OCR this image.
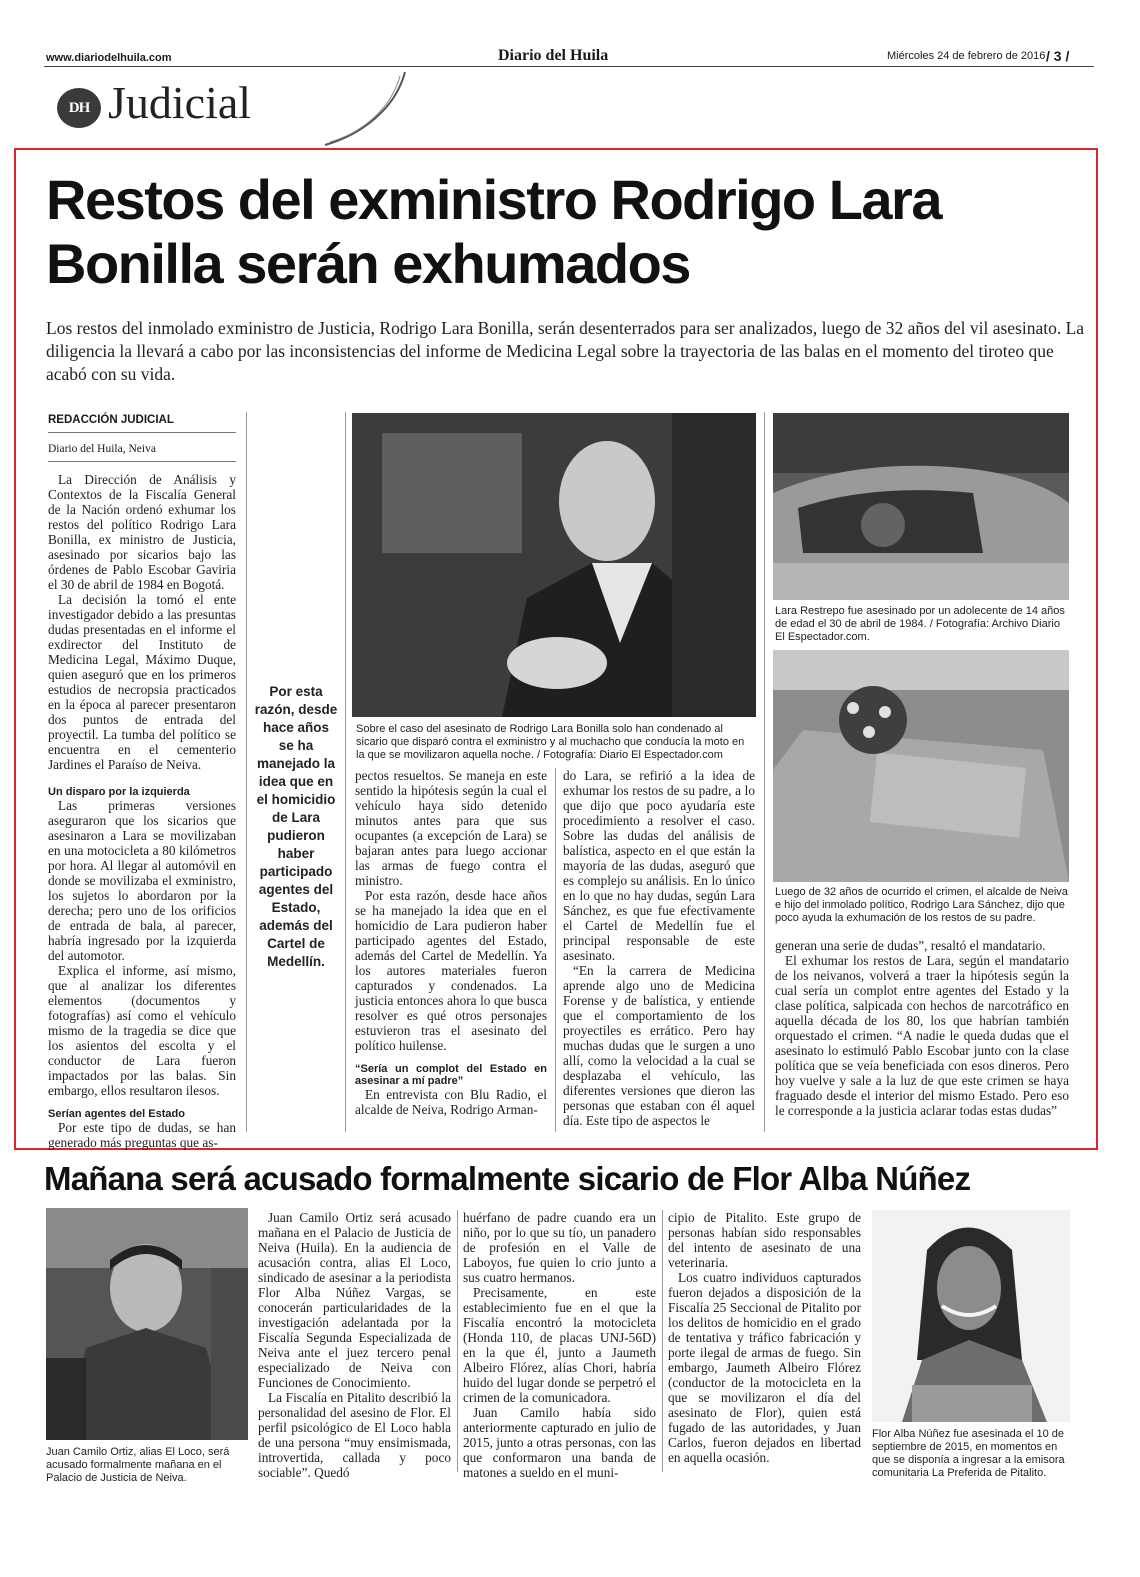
www.diariodelhuila.com	Diario del Huila	Miércoles 24 de febrero de 2016 / 3 /
DH Judicial
Restos del exministro Rodrigo Lara Bonilla serán exhumados
Los restos del inmolado exministro de Justicia, Rodrigo Lara Bonilla, serán desenterrados para ser analizados, luego de 32 años del vil asesinato. La diligencia la llevará a cabo por las inconsistencias del informe de Medicina Legal sobre la trayectoria de las balas en el momento del tiroteo que acabó con su vida.
REDACCIÓN JUDICIAL
Diario del Huila, Neiva

La Dirección de Análisis y Contextos de la Fiscalía General de la Nación ordenó exhumar los restos del político Rodrigo Lara Bonilla, ex ministro de Justicia, asesinado por sicarios bajo las órdenes de Pablo Escobar Gaviria el 30 de abril de 1984 en Bogotá.

La decisión la tomó el ente investigador debido a las presuntas dudas presentadas en el informe el exdirector del Instituto de Medicina Legal, Máximo Duque, quien aseguró que en los primeros estudios de necropsia practicados en la época al parecer presentaron dos puntos de entrada del proyectil. La tumba del político se encuentra en el cementerio Jardines el Paraíso de Neiva.

Un disparo por la izquierda

Las primeras versiones aseguraron que los sicarios que asesinaron a Lara se movilizaban en una motocicleta a 80 kilómetros por hora. Al llegar al automóvil en donde se movilizaba el exministro, los sujetos lo abordaron por la derecha; pero uno de los orificios de entrada de bala, al parecer, habría ingresado por la izquierda del automotor.

Explica el informe, así mismo, que al analizar los diferentes elementos (documentos y fotografías) así como el vehículo mismo de la tragedia se dice que los asientos del escolta y el conductor de Lara fueron impactados por las balas. Sin embargo, ellos resultaron ilesos.

Serían agentes del Estado

Por este tipo de dudas, se han generado más preguntas que as-

Por esta razón, desde hace años se ha manejado la idea que en el homicidio de Lara pudieron haber participado agentes del Estado, además del Cartel de Medellín.
Sobre el caso del asesinato de Rodrigo Lara Bonilla solo han condenado al sicario que disparó contra el exministro y al muchacho que conducía la moto en la que se movilizaron aquella noche. / Fotografía: Diario El Espectador.com

pectos resueltos. Se maneja en este sentido la hipótesis según la cual el vehículo haya sido detenido minutos antes para que sus ocupantes (a excepción de Lara) se bajaran antes para luego accionar las armas de fuego contra el ministro.

Por esta razón, desde hace años se ha manejado la idea que en el homicidio de Lara pudieron haber participado agentes del Estado, además del Cartel de Medellín. Ya los autores materiales fueron capturados y condenados. La justicia entonces ahora lo que busca resolver es qué otros personajes estuvieron tras el asesinato del político huilense.

“Sería un complot del Estado en asesinar a mí padre”

En entrevista con Blu Radio, el alcalde de Neiva, Rodrigo Arman-

do Lara, se refirió a la idea de exhumar los restos de su padre, a lo que dijo que poco ayudaría este procedimiento a resolver el caso. Sobre las dudas del análisis de balística, aspecto en el que están la mayoría de las dudas, aseguró que es complejo su análisis. En lo único en lo que no hay dudas, según Lara Sánchez, es que fue efectivamente el Cartel de Medellín fue el principal responsable de este asesinato.

“En la carrera de Medicina aprende algo uno de Medicina Forense y de balística, y entiende que el comportamiento de los proyectiles es errático. Pero hay muchas dudas que le surgen a uno allí, como la velocidad a la cual se desplazaba el vehículo, las diferentes versiones que dieron las personas que estaban con él aquel día. Este tipo de aspectos le

Lara Restrepo fue asesinado por un adolecente de 14 años de edad el 30 de abril de 1984. / Fotografía: Archivo Diario El Espectador.com.
Luego de 32 años de ocurrido el crimen, el alcalde de Neiva e hijo del inmolado político, Rodrigo Lara Sánchez, dijo que poco ayuda la exhumación de los restos de su padre.

generan una serie de dudas”, resaltó el mandatario.

El exhumar los restos de Lara, según el mandatario de los neivanos, volverá a traer la hipótesis según la cual sería un complot entre agentes del Estado y la clase política, salpicada con hechos de narcotráfico en aquella década de los 80, los que habrían también orquestado el crimen. “A nadie le queda dudas que el asesinato lo estimuló Pablo Escobar junto con la clase política que se veía beneficiada con esos dineros. Pero hoy vuelve y sale a la luz de que este crimen se haya fraguado desde el interior del mismo Estado. Pero eso le corresponde a la justicia aclarar todas estas dudas”

Mañana será acusado formalmente sicario de Flor Alba Núñez
Juan Camilo Ortiz, alias El Loco, será acusado formalmente mañana en el Palacio de Justicia de Neiva.

Juan Camilo Ortiz será acusado mañana en el Palacio de Justicia de Neiva (Huila). En la audiencia de acusación contra, alias El Loco, sindicado de asesinar a la periodista Flor Alba Núñez Vargas, se conocerán particularidades de la investigación adelantada por la Fiscalía Segunda Especializada de Neiva ante el juez tercero penal especializado de Neiva con Funciones de Conocimiento.

La Fiscalía en Pitalito describió la personalidad del asesino de Flor. El perfil psicológico de El Loco habla de una persona “muy ensimismada, introvertida, callada y poco sociable”. Quedó

huérfano de padre cuando era un niño, por lo que su tío, un panadero de profesión en el Valle de Laboyos, fue quien lo crio junto a sus cuatro hermanos.

Precisamente, en este establecimiento fue en el que la Fiscalía encontró la motocicleta (Honda 110, de placas UNJ-56D) en la que él, junto a Jaumeth Albeiro Flórez, alías Chori, habría huido del lugar donde se perpetró el crimen de la comunicadora.

Juan Camilo había sido anteriormente capturado en julio de 2015, junto a otras personas, con las que conformaron una banda de matones a sueldo en el muni-

cipio de Pitalito. Este grupo de personas habían sido responsables del intento de asesinato de una veterinaria.

Los cuatro individuos capturados fueron dejados a disposición de la Fiscalía 25 Seccional de Pitalito por los delitos de homicidio en el grado de tentativa y tráfico fabricación y porte ilegal de armas de fuego. Sin embargo, Jaumeth Albeiro Flórez (conductor de la motocicleta en la que se movilizaron el día del asesinato de Flor), quien está fugado de las autoridades, y Juan Carlos, fueron dejados en libertad en aquella ocasión.

Flor Alba Núñez fue asesinada el 10 de septiembre de 2015, en momentos en que se disponía a ingresar a la emisora comunitaria La Preferida de Pitalito.
